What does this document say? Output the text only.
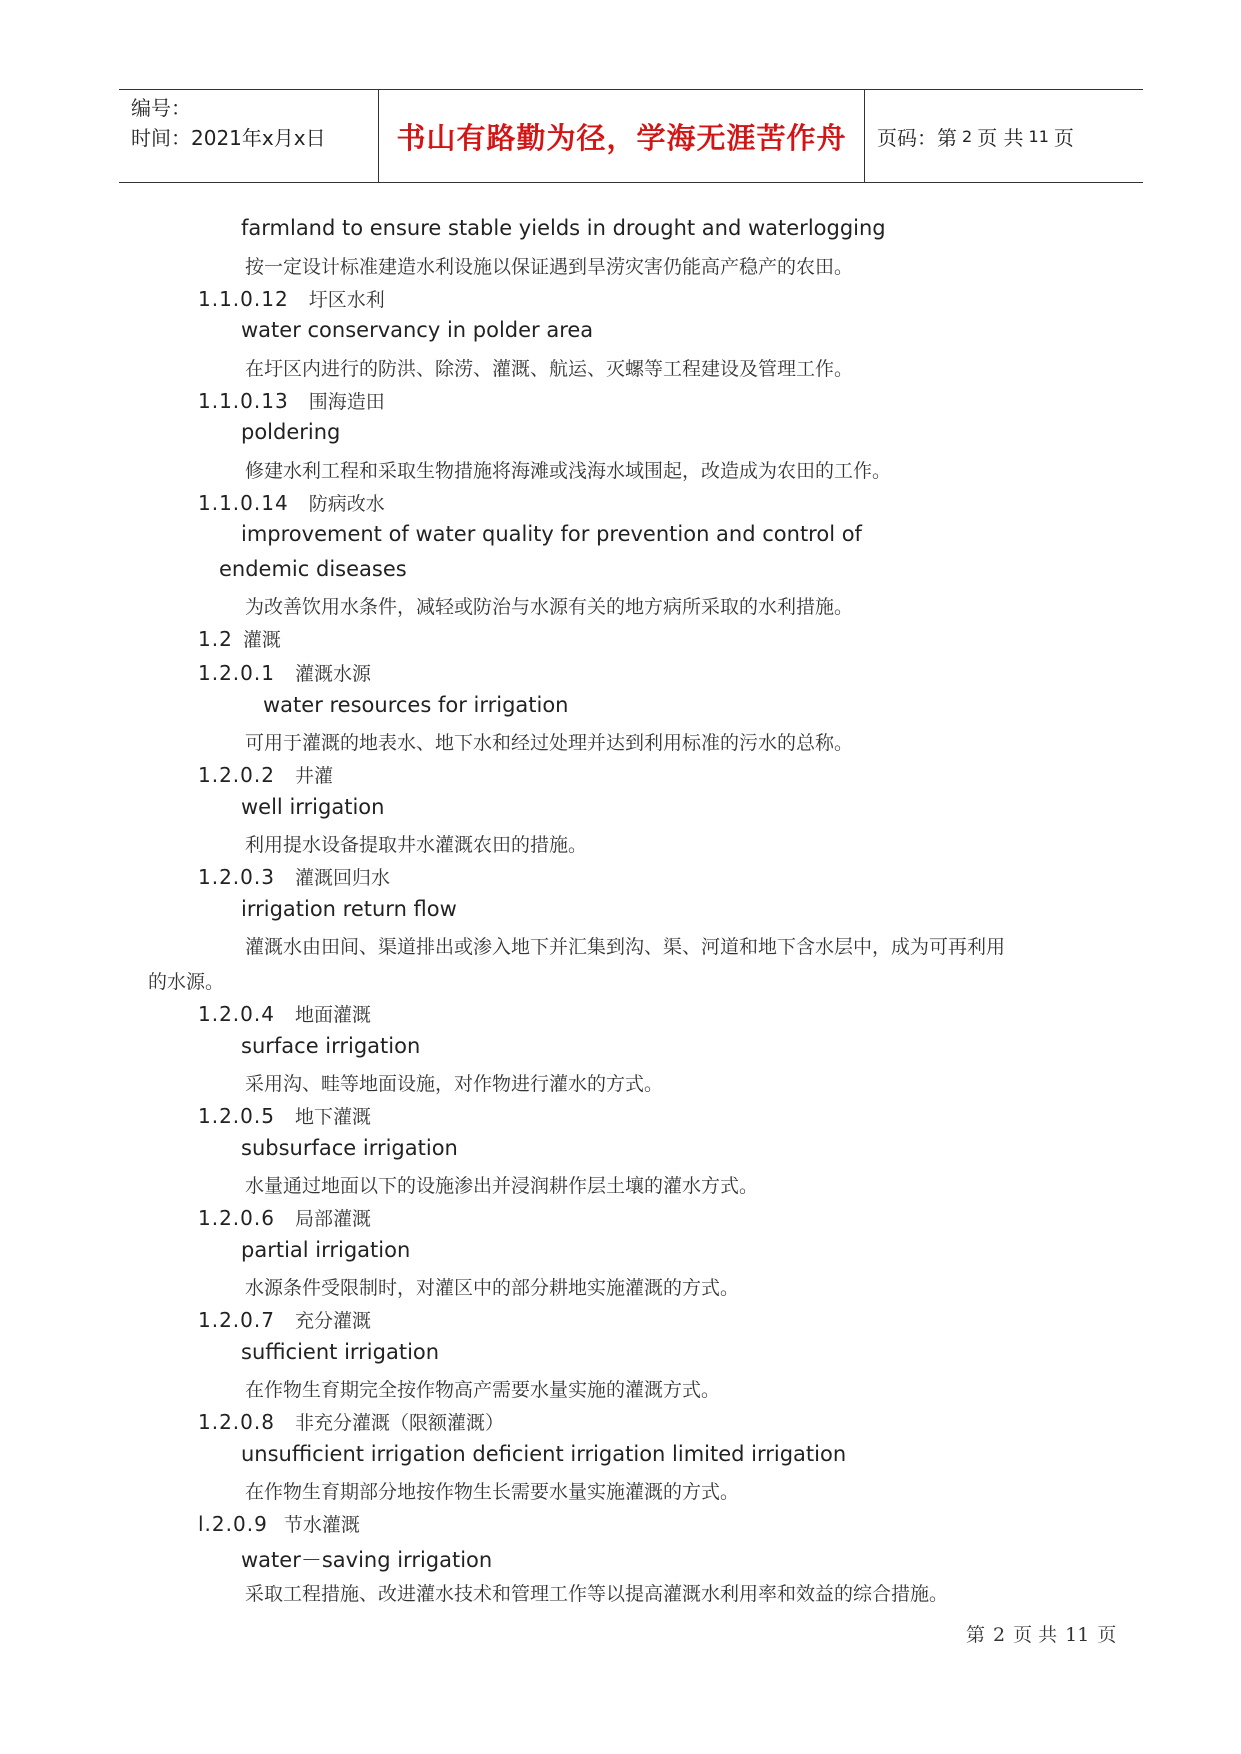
编号：
时间：2021年x月x日	书山有路勤为径，学海无涯苦作舟	页码：第 2 页 共 11 页
farmland to ensure stable yields in drought and waterlogging
按一定设计标准建造水利设施以保证遇到旱涝灾害仍能高产稳产的农田。
1.1.0.12 圩区水利
water conservancy in polder area
在圩区内进行的防洪、除涝、灌溉、航运、灭螺等工程建设及管理工作。
1.1.0.13 围海造田
poldering
修建水利工程和采取生物措施将海滩或浅海水域围起，改造成为农田的工作。
1.1.0.14 防病改水
improvement of water quality for prevention and control of
endemic diseases
为改善饮用水条件，减轻或防治与水源有关的地方病所采取的水利措施。
1.2 灌溉
1.2.0.1 灌溉水源
water resources for irrigation
可用于灌溉的地表水、地下水和经过处理并达到利用标准的污水的总称。
1.2.0.2 井灌
well irrigation
利用提水设备提取井水灌溉农田的措施。
1.2.0.3 灌溉回归水
irrigation return flow
灌溉水由田间、渠道排出或渗入地下并汇集到沟、渠、河道和地下含水层中，成为可再利用
的水源。
1.2.0.4 地面灌溉
surface irrigation
采用沟、畦等地面设施，对作物进行灌水的方式。
1.2.0.5 地下灌溉
subsurface irrigation
水量通过地面以下的设施渗出并浸润耕作层土壤的灌水方式。
1.2.0.6 局部灌溉
partial irrigation
水源条件受限制时，对灌区中的部分耕地实施灌溉的方式。
1.2.0.7 充分灌溉
sufficient irrigation
在作物生育期完全按作物高产需要水量实施的灌溉方式。
1.2.0.8 非充分灌溉（限额灌溉）
unsufficient irrigation deficient irrigation limited irrigation
在作物生育期部分地按作物生长需要水量实施灌溉的方式。
l.2.0.9 节水灌溉
water－saving irrigation
采取工程措施、改进灌水技术和管理工作等以提高灌溉水利用率和效益的综合措施。
第 2 页 共 11 页
